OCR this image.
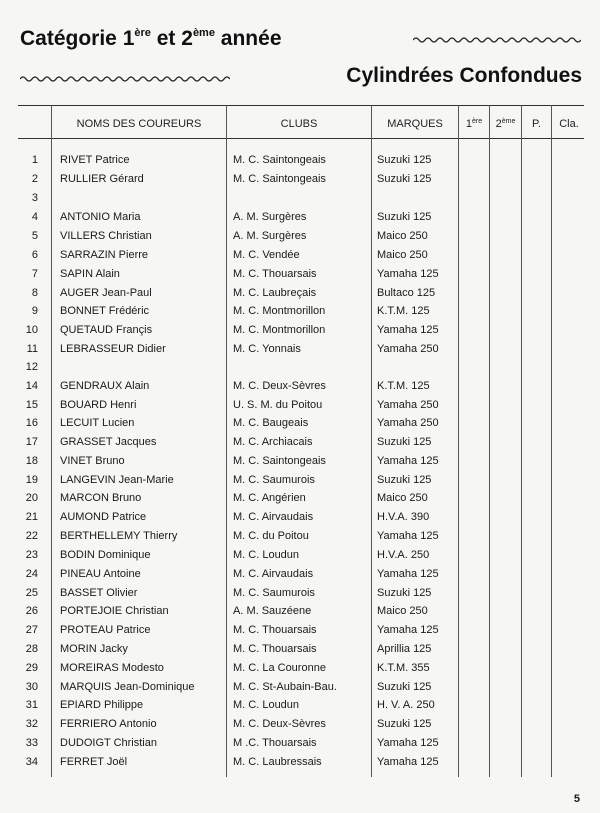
Catégorie 1ère et 2ème année
Cylindrées Confondues
NOMS DES COUREURS	CLUBS	MARQUES	1ère	2ème	P.	Cla.
1 RIVET Patrice	M. C. Saintongeais	Suzuki 125
2 RULLIER Gérard	M. C. Saintongeais	Suzuki 125
3
4 ANTONIO Maria	A. M. Surgères	Suzuki 125
5 VILLERS Christian	A. M. Surgères	Maico 250
6 SARRAZIN Pierre	M. C. Vendée	Maico 250
7 SAPIN Alain	M. C. Thouarsais	Yamaha 125
8 AUGER Jean-Paul	M. C. Laubreçais	Bultaco 125
9 BONNET Frédéric	M. C. Montmorillon	K.T.M. 125
10 QUETAUD Françis	M. C. Montmorillon	Yamaha 125
11 LEBRASSEUR Didier	M. C. Yonnais	Yamaha 250
12
14 GENDRAUX Alain	M. C. Deux-Sèvres	K.T.M. 125
15 BOUARD Henri	U. S. M. du Poitou	Yamaha 250
16 LECUIT Lucien	M. C. Baugeais	Yamaha 250
17 GRASSET Jacques	M. C. Archiacais	Suzuki 125
18 VINET Bruno	M. C. Saintongeais	Yamaha 125
19 LANGEVIN Jean-Marie	M. C. Saumurois	Suzuki 125
20 MARCON Bruno	M. C. Angérien	Maico 250
21 AUMOND Patrice	M. C. Airvaudais	H.V.A. 390
22 BERTHELLEMY Thierry	M. C. du Poitou	Yamaha 125
23 BODIN Dominique	M. C. Loudun	H.V.A. 250
24 PINEAU Antoine	M. C. Airvaudais	Yamaha 125
25 BASSET Olivier	M. C. Saumurois	Suzuki 125
26 PORTEJOIE Christian	A. M. Sauzéene	Maico 250
27 PROTEAU Patrice	M. C. Thouarsais	Yamaha 125
28 MORIN Jacky	M. C. Thouarsais	Aprillia 125
29 MOREIRAS Modesto	M. C. La Couronne	K.T.M. 355
30 MARQUIS Jean-Dominique	M. C. St-Aubain-Bau.	Suzuki 125
31 EPIARD Philippe	M. C. Loudun	H. V. A. 250
32 FERRIERO Antonio	M. C. Deux-Sèvres	Suzuki 125
33 DUDOIGT Christian	M .C. Thouarsais	Yamaha 125
34 FERRET Joël	M. C. Laubressais	Yamaha 125
5
